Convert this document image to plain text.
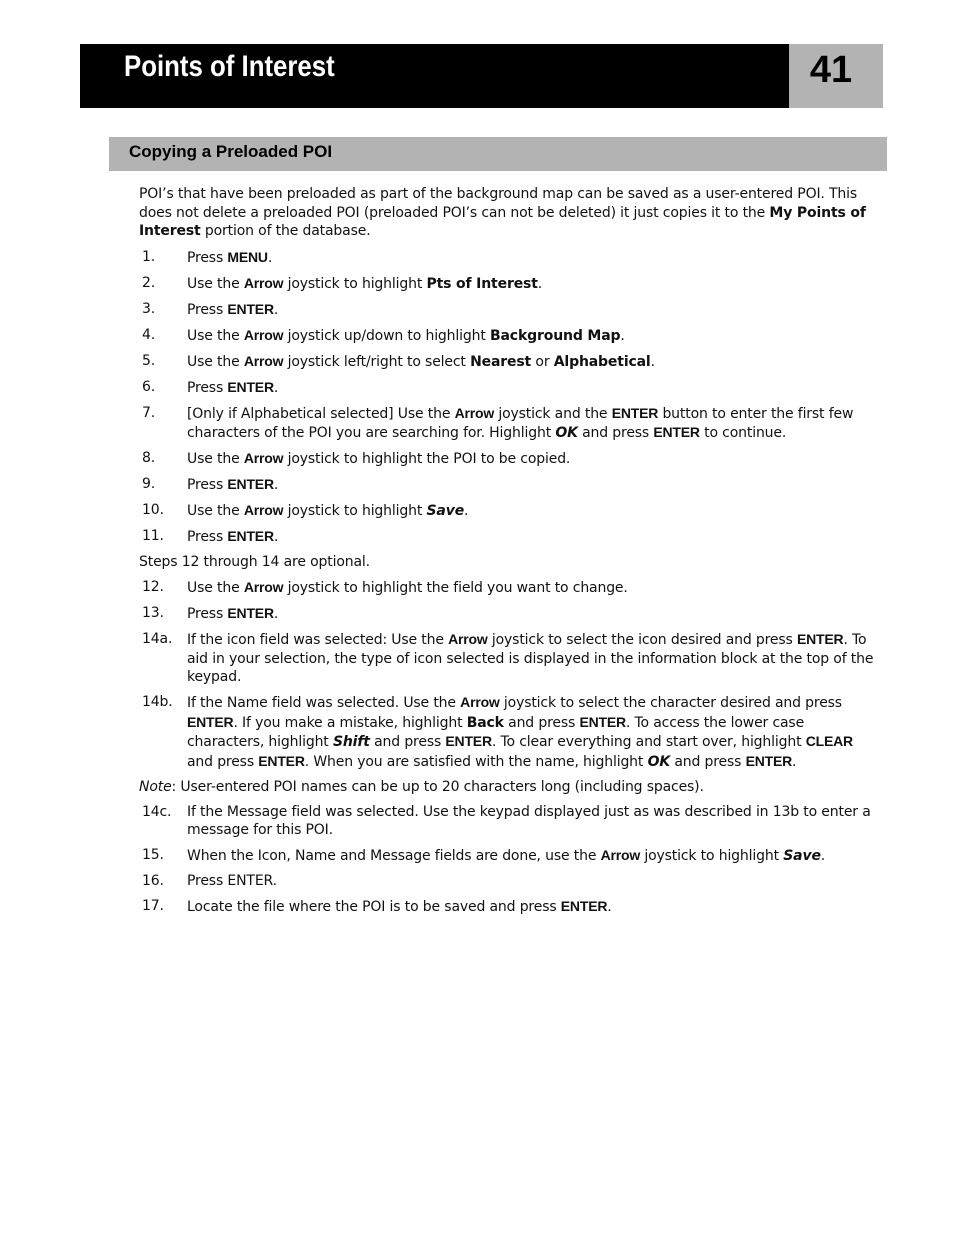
Points of Interest	41
Copying a Preloaded POI

POI’s that have been preloaded as part of the background map can be saved as a user-entered POI. This does not delete a preloaded POI (preloaded POI’s can not be deleted) it just copies it to the My Points of Interest portion of the database.

1. Press MENU.
2. Use the Arrow joystick to highlight Pts of Interest.
3. Press ENTER.
4. Use the Arrow joystick up/down to highlight Background Map.
5. Use the Arrow joystick left/right to select Nearest or Alphabetical.
6. Press ENTER.
7. [Only if Alphabetical selected] Use the Arrow joystick and the ENTER button to enter the first few characters of the POI you are searching for. Highlight OK and press ENTER to continue.
8. Use the Arrow joystick to highlight the POI to be copied.
9. Press ENTER.
10. Use the Arrow joystick to highlight Save.
11. Press ENTER.

Steps 12 through 14 are optional.

12. Use the Arrow joystick to highlight the field you want to change.
13. Press ENTER.
14a. If the icon field was selected: Use the Arrow joystick to select the icon desired and press ENTER. To aid in your selection, the type of icon selected is displayed in the information block at the top of the keypad.
14b. If the Name field was selected. Use the Arrow joystick to select the character desired and press ENTER. If you make a mistake, highlight Back and press ENTER. To access the lower case characters, highlight Shift and press ENTER. To clear everything and start over, highlight CLEAR and press ENTER. When you are satisfied with the name, highlight OK and press ENTER.

Note: User-entered POI names can be up to 20 characters long (including spaces).

14c. If the Message field was selected. Use the keypad displayed just as was described in 13b to enter a message for this POI.
15. When the Icon, Name and Message fields are done, use the Arrow joystick to highlight Save.
16. Press ENTER.
17. Locate the file where the POI is to be saved and press ENTER.
